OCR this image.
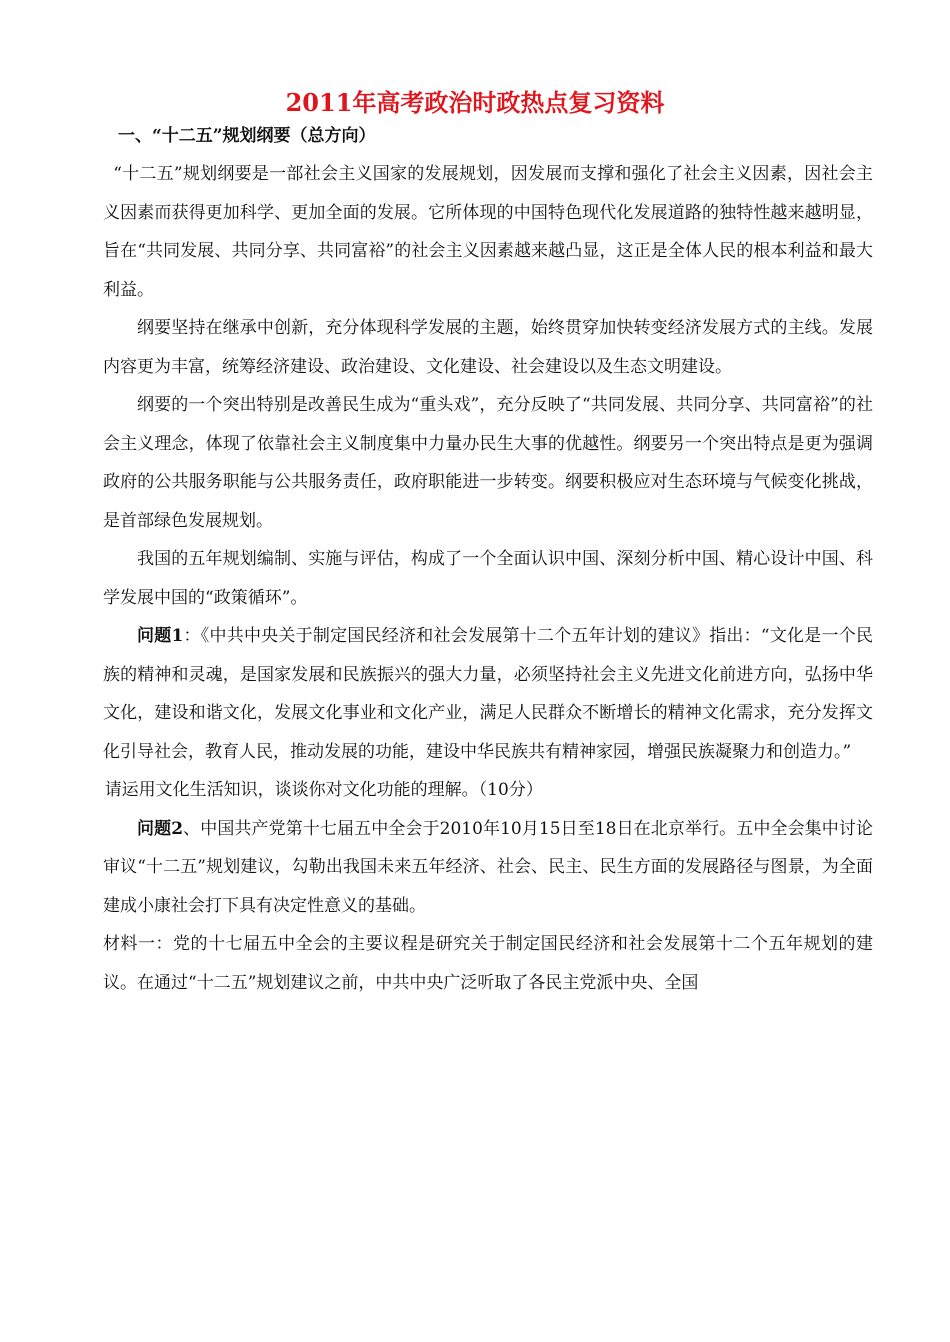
2011年高考政治时政热点复习资料
一、“十二五”规划纲要（总方向）

“十二五”规划纲要是一部社会主义国家的发展规划，因发展而支撑和强化了社会主义因素，因社会主义因素而获得更加科学、更加全面的发展。它所体现的中国特色现代化发展道路的独特性越来越明显，旨在“共同发展、共同分享、共同富裕”的社会主义因素越来越凸显，这正是全体人民的根本利益和最大利益。

纲要坚持在继承中创新，充分体现科学发展的主题，始终贯穿加快转变经济发展方式的主线。发展内容更为丰富，统筹经济建设、政治建设、文化建设、社会建设以及生态文明建设。

纲要的一个突出特别是改善民生成为“重头戏”，充分反映了“共同发展、共同分享、共同富裕”的社会主义理念，体现了依靠社会主义制度集中力量办民生大事的优越性。纲要另一个突出特点是更为强调政府的公共服务职能与公共服务责任，政府职能进一步转变。纲要积极应对生态环境与气候变化挑战，是首部绿色发展规划。

我国的五年规划编制、实施与评估，构成了一个全面认识中国、深刻分析中国、精心设计中国、科学发展中国的“政策循环”。

问题1：《中共中央关于制定国民经济和社会发展第十二个五年计划的建议》指出：“文化是一个民族的精神和灵魂，是国家发展和民族振兴的强大力量，必须坚持社会主义先进文化前进方向，弘扬中华文化，建设和谐文化，发展文化事业和文化产业，满足人民群众不断增长的精神文化需求，充分发挥文化引导社会，教育人民，推动发展的功能，建设中华民族共有精神家园，增强民族凝聚力和创造力。”

请运用文化生活知识，谈谈你对文化功能的理解。（10分）

问题2、中国共产党第十七届五中全会于2010年10月15日至18日在北京举行。五中全会集中讨论审议“十二五”规划建议，勾勒出我国未来五年经济、社会、民主、民生方面的发展路径与图景，为全面建成小康社会打下具有决定性意义的基础。

材料一：党的十七届五中全会的主要议程是研究关于制定国民经济和社会发展第十二个五年规划的建议。在通过“十二五”规划建议之前，中共中央广泛听取了各民主党派中央、全国
